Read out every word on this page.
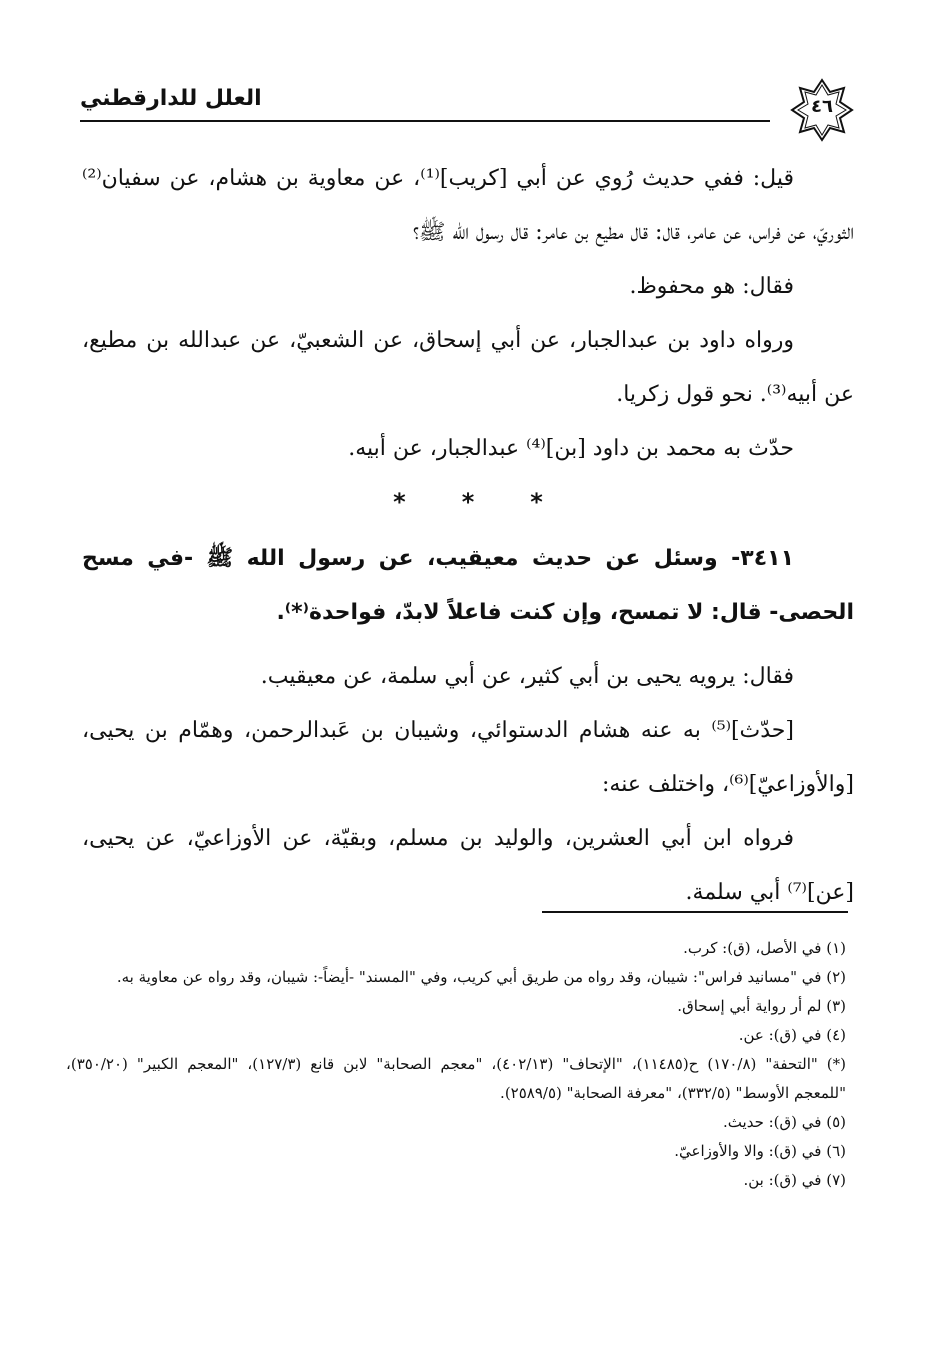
العلل للدارقطني	٤٦

قيل: ففي حديث رُوي عن أبي [كريب]⁽¹⁾، عن معاوية بن هشام، عن سفيان⁽²⁾ الثوريّ، عن فراس، عن عامر، قال: قال مطيع بن عامر: قال رسول الله ﷺ؟

فقال: هو محفوظ.

ورواه داود بن عبدالجبار، عن أبي إسحاق، عن الشعبيّ، عن عبدالله بن مطيع، عن أبيه⁽³⁾. نحو قول زكريا.

حدّث به محمد بن داود [بن]⁽⁴⁾ عبدالجبار، عن أبيه.

***

٣٤١١- وسئل عن حديث معيقيب، عن رسول الله ﷺ -في مسح الحصى- قال: لا تمسح، وإن كنت فاعلاً لابدّ، فواحدة⁽*⁾.

فقال: يرويه يحيى بن أبي كثير، عن أبي سلمة، عن معيقيب.

[حدّث]⁽⁵⁾ به عنه هشام الدستوائي، وشيبان بن عَبدالرحمن، وهمّام بن يحيى، [والأوزاعيّ]⁽⁶⁾، واختلف عنه:

فرواه ابن أبي العشرين، والوليد بن مسلم، وبقيّة، عن الأوزاعيّ، عن يحيى، [عن]⁽⁷⁾ أبي سلمة.

(١) في الأصل، (ق): كرب.

(٢) في "مسانيد فراس": شيبان، وقد رواه من طريق أبي كريب، وفي "المسند" -أيضاً-: شيبان، وقد رواه عن معاوية به.

(٣) لم أر رواية أبي إسحاق.

(٤) في (ق): عن.

(*) "التحفة" (١٧٠/٨) ح(١١٤٨٥)، "الإتحاف" (٤٠٢/١٣)، "معجم الصحابة" لابن قانع (١٢٧/٣)، "المعجم الكبير" (٣٥٠/٢٠)، "للمعجم الأوسط" (٣٣٢/٥)، "معرفة الصحابة" (٢٥٨٩/٥).

(٥) في (ق): حديث.

(٦) في (ق): والا والأوزاعيّ.

(٧) في (ق): بن.
